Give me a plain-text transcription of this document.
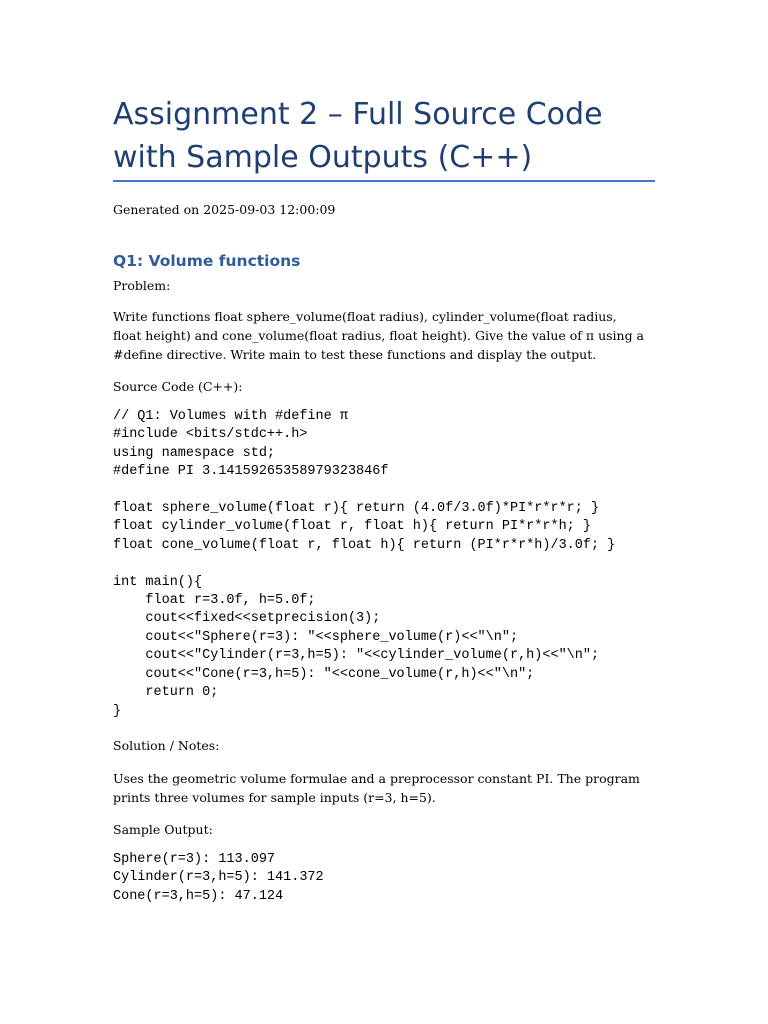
Assignment 2 – Full Source Code with Sample Outputs (C++)
Generated on 2025-09-03 12:00:09
Q1: Volume functions
Problem:

Write functions float sphere_volume(float radius), cylinder_volume(float radius, float height) and cone_volume(float radius, float height). Give the value of π using a #define directive. Write main to test these functions and display the output.

Source Code (C++):
// Q1: Volumes with #define π
#include <bits/stdc++.h>
using namespace std;
#define PI 3.14159265358979323846f

float sphere_volume(float r){ return (4.0f/3.0f)*PI*r*r*r; }
float cylinder_volume(float r, float h){ return PI*r*r*h; }
float cone_volume(float r, float h){ return (PI*r*r*h)/3.0f; }

int main(){
float r=3.0f, h=5.0f;
cout<<fixed<<setprecision(3);
cout<<"Sphere(r=3): "<<sphere_volume(r)<<"\n";
cout<<"Cylinder(r=3,h=5): "<<cylinder_volume(r,h)<<"\n";
cout<<"Cone(r=3,h=5): "<<cone_volume(r,h)<<"\n";
return 0;
}
Solution / Notes:

Uses the geometric volume formulae and a preprocessor constant PI. The program prints three volumes for sample inputs (r=3, h=5).

Sample Output:
Sphere(r=3): 113.097
Cylinder(r=3,h=5): 141.372
Cone(r=3,h=5): 47.124
